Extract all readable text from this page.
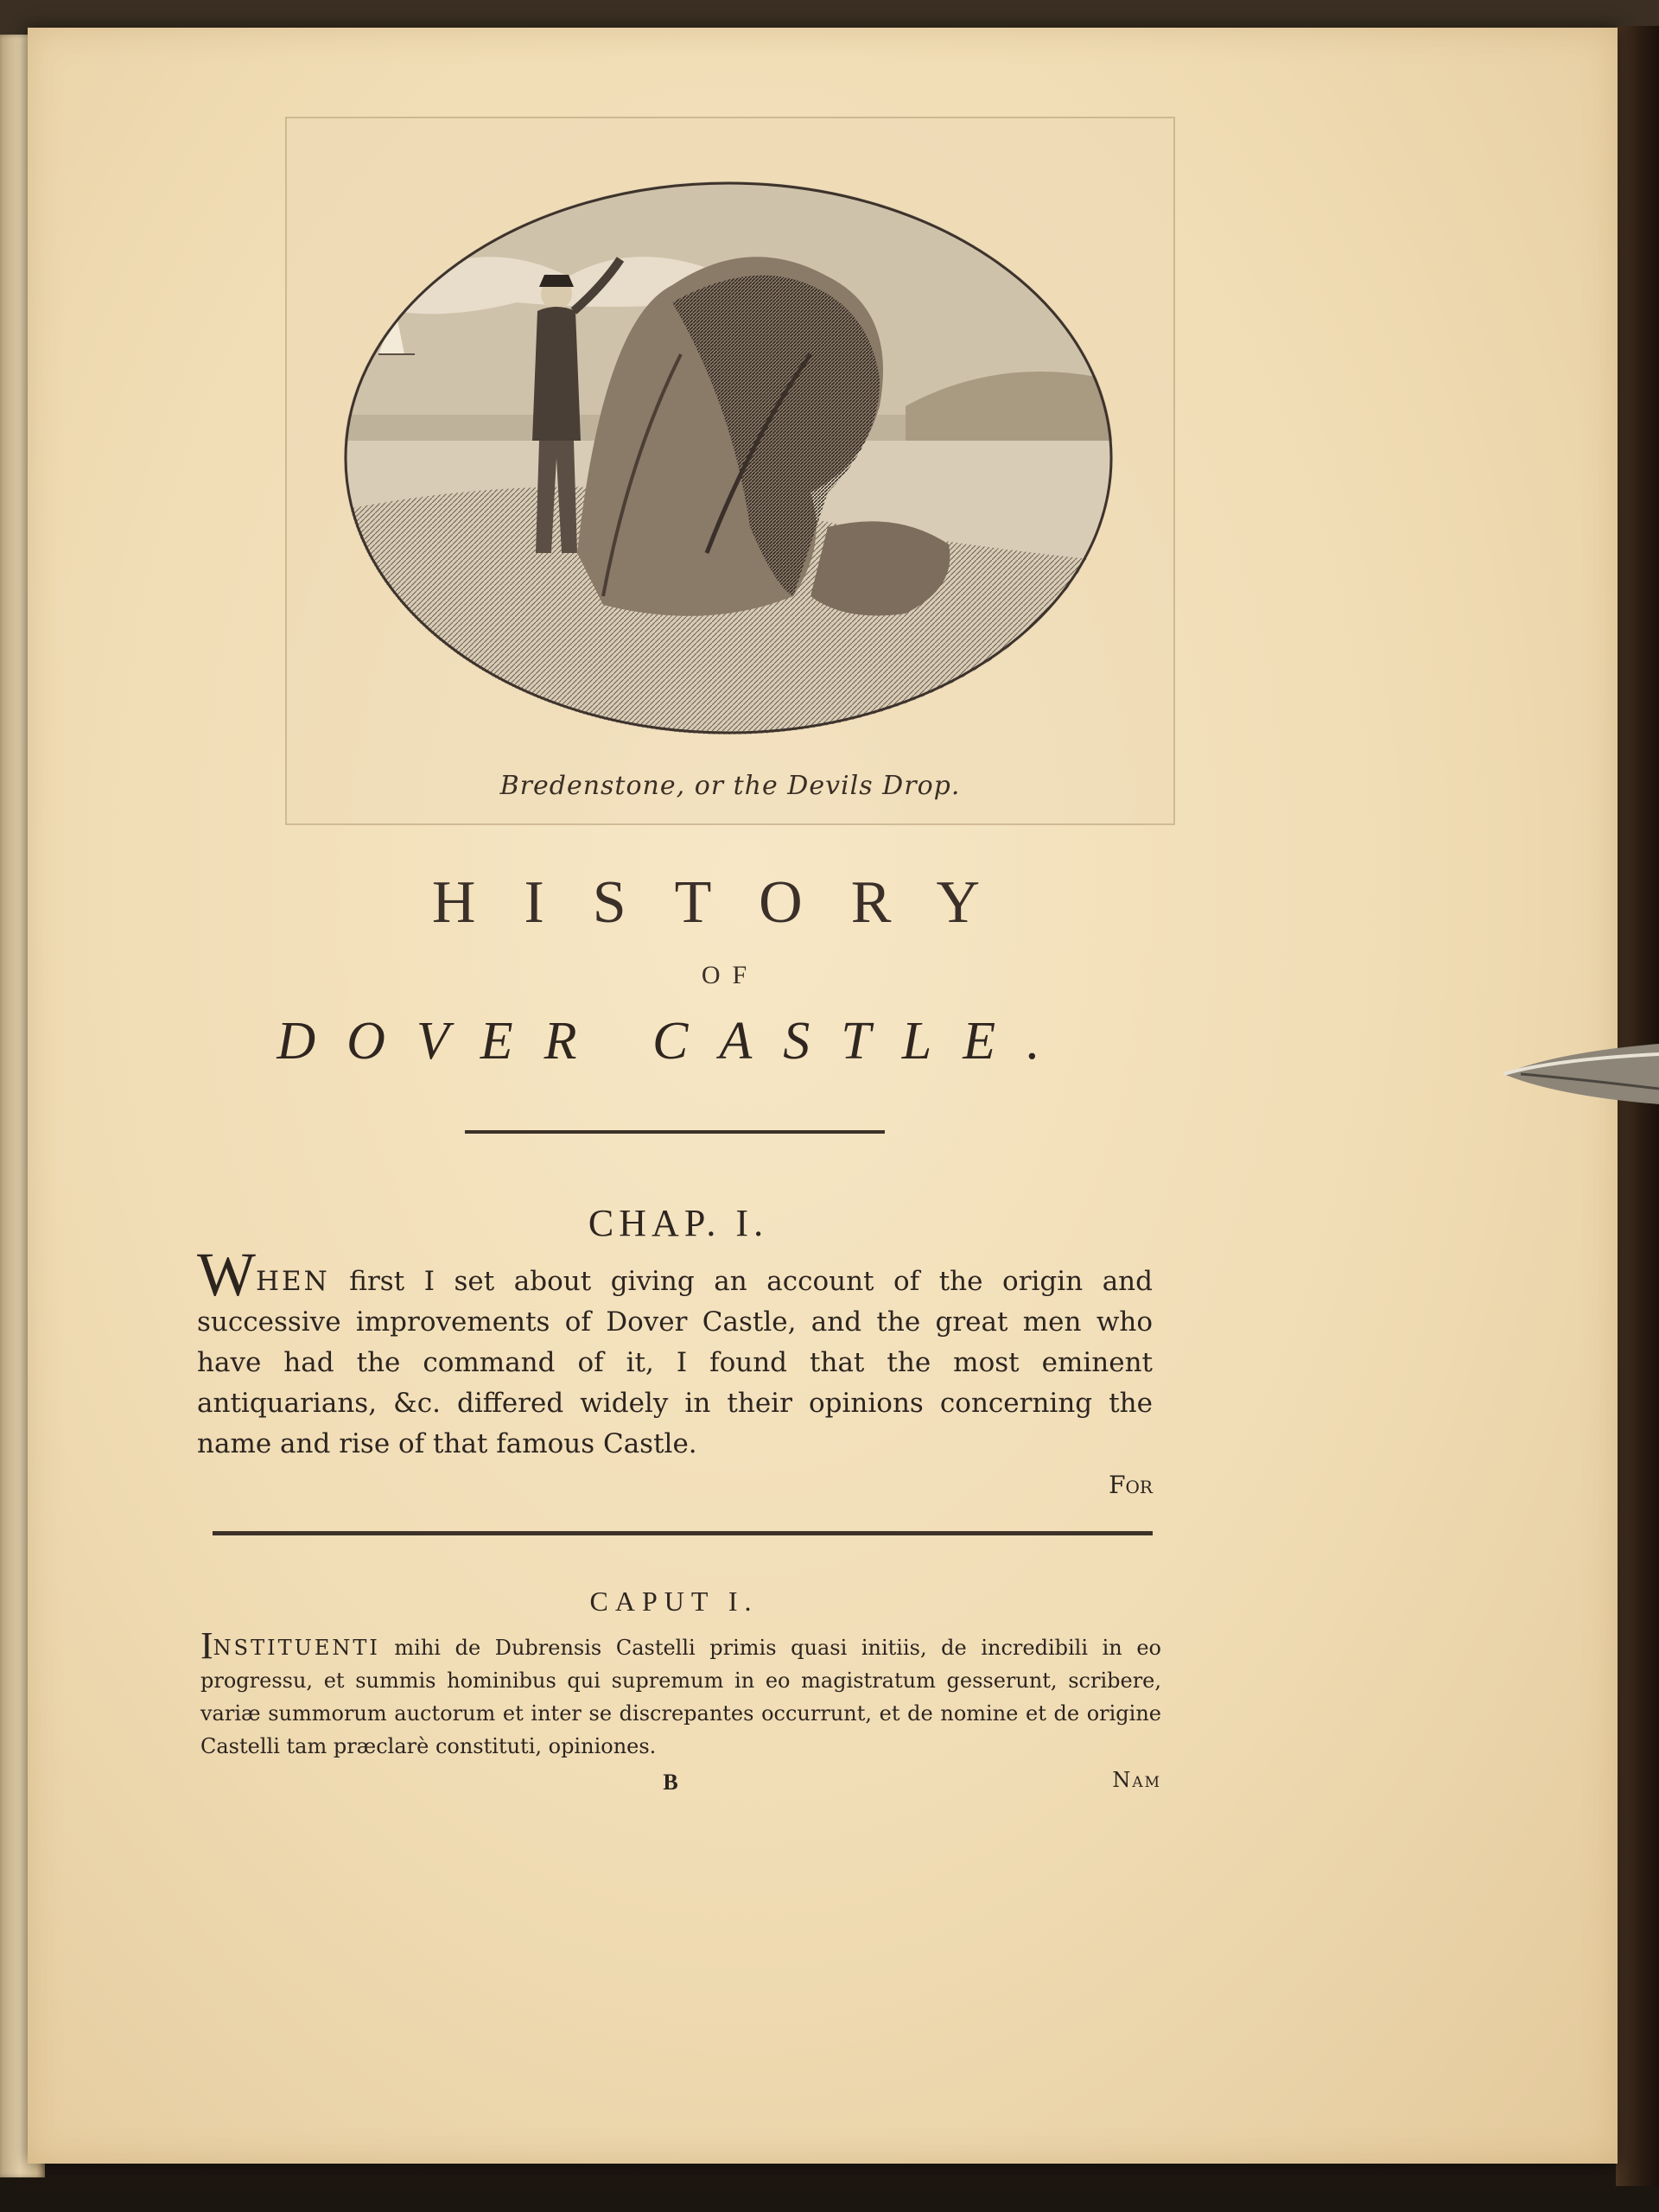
Bredenstone, or the Devils Drop.
HISTORY
OF
DOVER CASTLE.
CHAP. I.
WHEN first I set about giving an account of the origin and successive improvements of Dover Castle, and the great men who have had the command of it, I found that the most eminent antiquarians, &c. differed widely in their opinions concerning the name and rise of that famous Castle.
For
CAPUT I.
INSTITUENTI mihi de Dubrensis Castelli primis quasi initiis, de incredibili in eo progressu, et summis hominibus qui supremum in eo magistratum gesserunt, scribere, variæ summorum auctorum et inter se discrepantes occurrunt, et de nomine et de origine Castelli tam præclarè constituti, opiniones.
B	Nam
